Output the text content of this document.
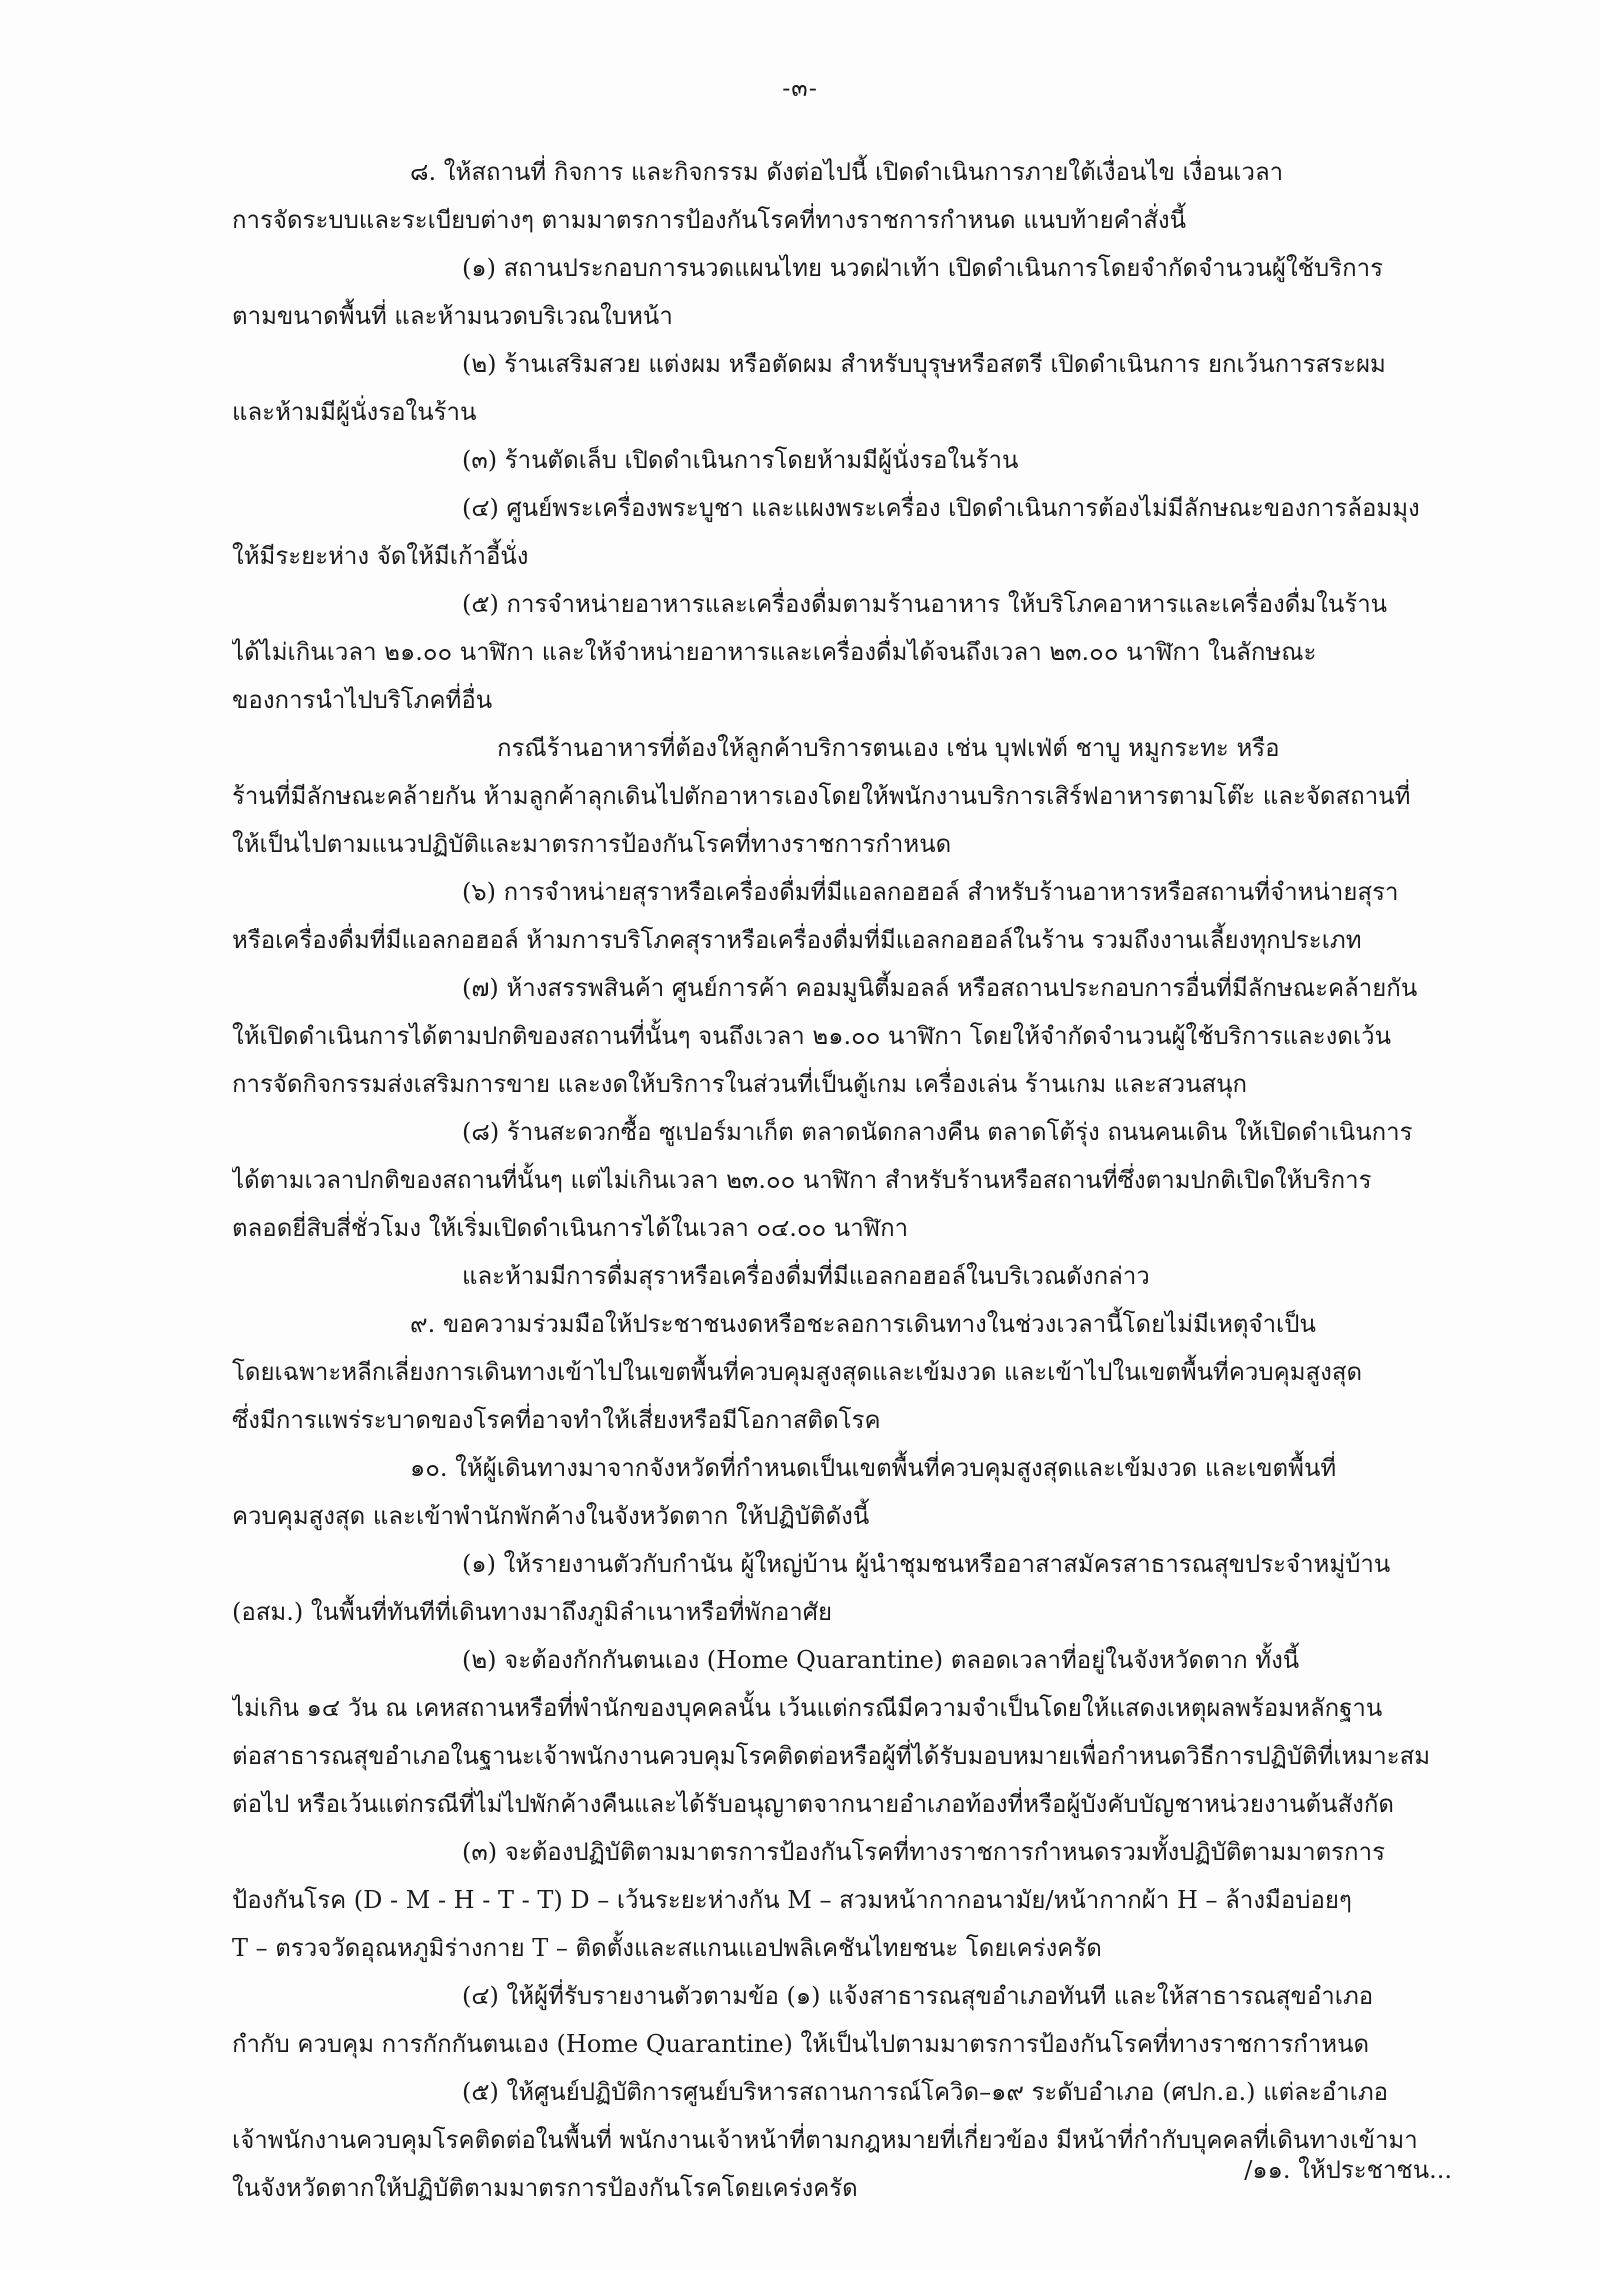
-๓-
๘. ให้สถานที่ กิจการ และกิจกรรม ดังต่อไปนี้ เปิดดำเนินการภายใต้เงื่อนไข เงื่อนเวลา
การจัดระบบและระเบียบต่างๆ ตามมาตรการป้องกันโรคที่ทางราชการกำหนด แนบท้ายคำสั่งนี้
(๑) สถานประกอบการนวดแผนไทย นวดฝ่าเท้า เปิดดำเนินการโดยจำกัดจำนวนผู้ใช้บริการ
ตามขนาดพื้นที่ และห้ามนวดบริเวณใบหน้า
(๒) ร้านเสริมสวย แต่งผม หรือตัดผม สำหรับบุรุษหรือสตรี เปิดดำเนินการ ยกเว้นการสระผม
และห้ามมีผู้นั่งรอในร้าน
(๓) ร้านตัดเล็บ เปิดดำเนินการโดยห้ามมีผู้นั่งรอในร้าน
(๔) ศูนย์พระเครื่องพระบูชา และแผงพระเครื่อง เปิดดำเนินการต้องไม่มีลักษณะของการล้อมมุง
ให้มีระยะห่าง จัดให้มีเก้าอี้นั่ง
(๕) การจำหน่ายอาหารและเครื่องดื่มตามร้านอาหาร ให้บริโภคอาหารและเครื่องดื่มในร้าน
ได้ไม่เกินเวลา ๒๑.๐๐ นาฬิกา และให้จำหน่ายอาหารและเครื่องดื่มได้จนถึงเวลา ๒๓.๐๐ นาฬิกา ในลักษณะ
ของการนำไปบริโภคที่อื่น
กรณีร้านอาหารที่ต้องให้ลูกค้าบริการตนเอง เช่น บุฟเฟ่ต์ ชาบู หมูกระทะ หรือ
ร้านที่มีลักษณะคล้ายกัน ห้ามลูกค้าลุกเดินไปตักอาหารเองโดยให้พนักงานบริการเสิร์ฟอาหารตามโต๊ะ และจัดสถานที่
ให้เป็นไปตามแนวปฏิบัติและมาตรการป้องกันโรคที่ทางราชการกำหนด
(๖) การจำหน่ายสุราหรือเครื่องดื่มที่มีแอลกอฮอล์ สำหรับร้านอาหารหรือสถานที่จำหน่ายสุรา
หรือเครื่องดื่มที่มีแอลกอฮอล์ ห้ามการบริโภคสุราหรือเครื่องดื่มที่มีแอลกอฮอล์ในร้าน รวมถึงงานเลี้ยงทุกประเภท
(๗) ห้างสรรพสินค้า ศูนย์การค้า คอมมูนิตี้มอลล์ หรือสถานประกอบการอื่นที่มีลักษณะคล้ายกัน
ให้เปิดดำเนินการได้ตามปกติของสถานที่นั้นๆ จนถึงเวลา ๒๑.๐๐ นาฬิกา โดยให้จำกัดจำนวนผู้ใช้บริการและงดเว้น
การจัดกิจกรรมส่งเสริมการขาย และงดให้บริการในส่วนที่เป็นตู้เกม เครื่องเล่น ร้านเกม และสวนสนุก
(๘) ร้านสะดวกซื้อ ซูเปอร์มาเก็ต ตลาดนัดกลางคืน ตลาดโต้รุ่ง ถนนคนเดิน ให้เปิดดำเนินการ
ได้ตามเวลาปกติของสถานที่นั้นๆ แต่ไม่เกินเวลา ๒๓.๐๐ นาฬิกา สำหรับร้านหรือสถานที่ซึ่งตามปกติเปิดให้บริการ
ตลอดยี่สิบสี่ชั่วโมง ให้เริ่มเปิดดำเนินการได้ในเวลา ๐๔.๐๐ นาฬิกา
และห้ามมีการดื่มสุราหรือเครื่องดื่มที่มีแอลกอฮอล์ในบริเวณดังกล่าว
๙. ขอความร่วมมือให้ประชาชนงดหรือชะลอการเดินทางในช่วงเวลานี้โดยไม่มีเหตุจำเป็น
โดยเฉพาะหลีกเลี่ยงการเดินทางเข้าไปในเขตพื้นที่ควบคุมสูงสุดและเข้มงวด และเข้าไปในเขตพื้นที่ควบคุมสูงสุด
ซึ่งมีการแพร่ระบาดของโรคที่อาจทำให้เสี่ยงหรือมีโอกาสติดโรค
๑๐. ให้ผู้เดินทางมาจากจังหวัดที่กำหนดเป็นเขตพื้นที่ควบคุมสูงสุดและเข้มงวด และเขตพื้นที่
ควบคุมสูงสุด และเข้าพำนักพักค้างในจังหวัดตาก ให้ปฏิบัติดังนี้
(๑) ให้รายงานตัวกับกำนัน ผู้ใหญ่บ้าน ผู้นำชุมชนหรืออาสาสมัครสาธารณสุขประจำหมู่บ้าน
(อสม.) ในพื้นที่ทันทีที่เดินทางมาถึงภูมิลำเนาหรือที่พักอาศัย
(๒) จะต้องกักกันตนเอง (Home Quarantine) ตลอดเวลาที่อยู่ในจังหวัดตาก ทั้งนี้
ไม่เกิน ๑๔ วัน ณ เคหสถานหรือที่พำนักของบุคคลนั้น เว้นแต่กรณีมีความจำเป็นโดยให้แสดงเหตุผลพร้อมหลักฐาน
ต่อสาธารณสุขอำเภอในฐานะเจ้าพนักงานควบคุมโรคติดต่อหรือผู้ที่ได้รับมอบหมายเพื่อกำหนดวิธีการปฏิบัติที่เหมาะสม
ต่อไป หรือเว้นแต่กรณีที่ไม่ไปพักค้างคืนและได้รับอนุญาตจากนายอำเภอท้องที่หรือผู้บังคับบัญชาหน่วยงานต้นสังกัด
(๓) จะต้องปฏิบัติตามมาตรการป้องกันโรคที่ทางราชการกำหนดรวมทั้งปฏิบัติตามมาตรการ
ป้องกันโรค (D - M - H - T - T) D – เว้นระยะห่างกัน M – สวมหน้ากากอนามัย/หน้ากากผ้า H – ล้างมือบ่อยๆ
T – ตรวจวัดอุณหภูมิร่างกาย T – ติดตั้งและสแกนแอปพลิเคชันไทยชนะ โดยเคร่งครัด
(๔) ให้ผู้ที่รับรายงานตัวตามข้อ (๑) แจ้งสาธารณสุขอำเภอทันที และให้สาธารณสุขอำเภอ
กำกับ ควบคุม การกักกันตนเอง (Home Quarantine) ให้เป็นไปตามมาตรการป้องกันโรคที่ทางราชการกำหนด
(๕) ให้ศูนย์ปฏิบัติการศูนย์บริหารสถานการณ์โควิด–๑๙ ระดับอำเภอ (ศปก.อ.) แต่ละอำเภอ
เจ้าพนักงานควบคุมโรคติดต่อในพื้นที่ พนักงานเจ้าหน้าที่ตามกฎหมายที่เกี่ยวข้อง มีหน้าที่กำกับบุคคลที่เดินทางเข้ามา
ในจังหวัดตากให้ปฏิบัติตามมาตรการป้องกันโรคโดยเคร่งครัด
/๑๑. ให้ประชาชน...
